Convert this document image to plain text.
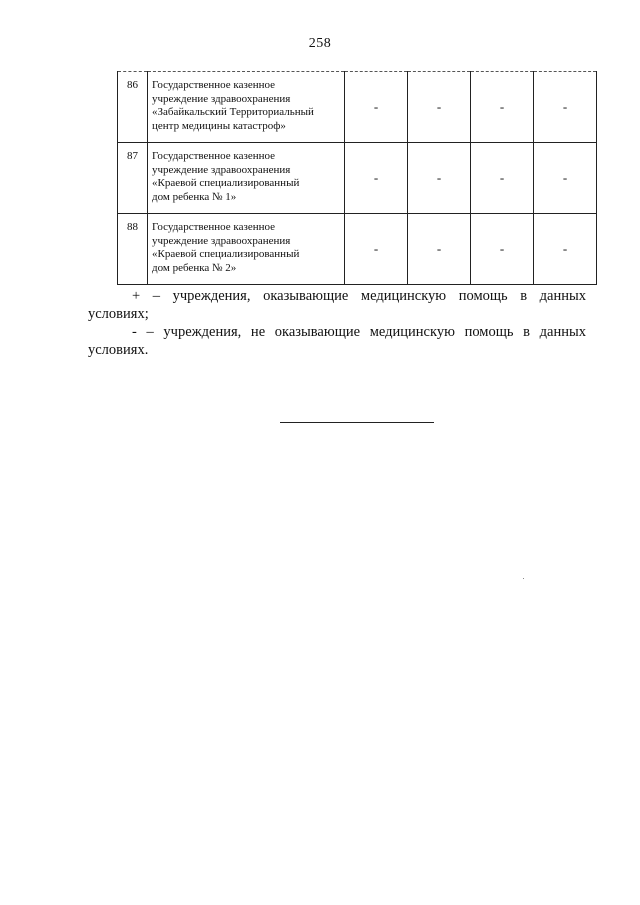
258
86	Государственное казенное
учреждение здравоохранения
«Забайкальский Территориальный
центр медицины катастроф»	-	-	-	-
87	Государственное казенное
учреждение здравоохранения
«Краевой специализированный
дом ребенка № 1»	-	-	-	-
88	Государственное казенное
учреждение здравоохранения
«Краевой специализированный
дом ребенка № 2»	-	-	-	-
+ – учреждения, оказывающие медицинскую помощь в данных
условиях;
- – учреждения, не оказывающие медицинскую помощь в данных
условиях.
